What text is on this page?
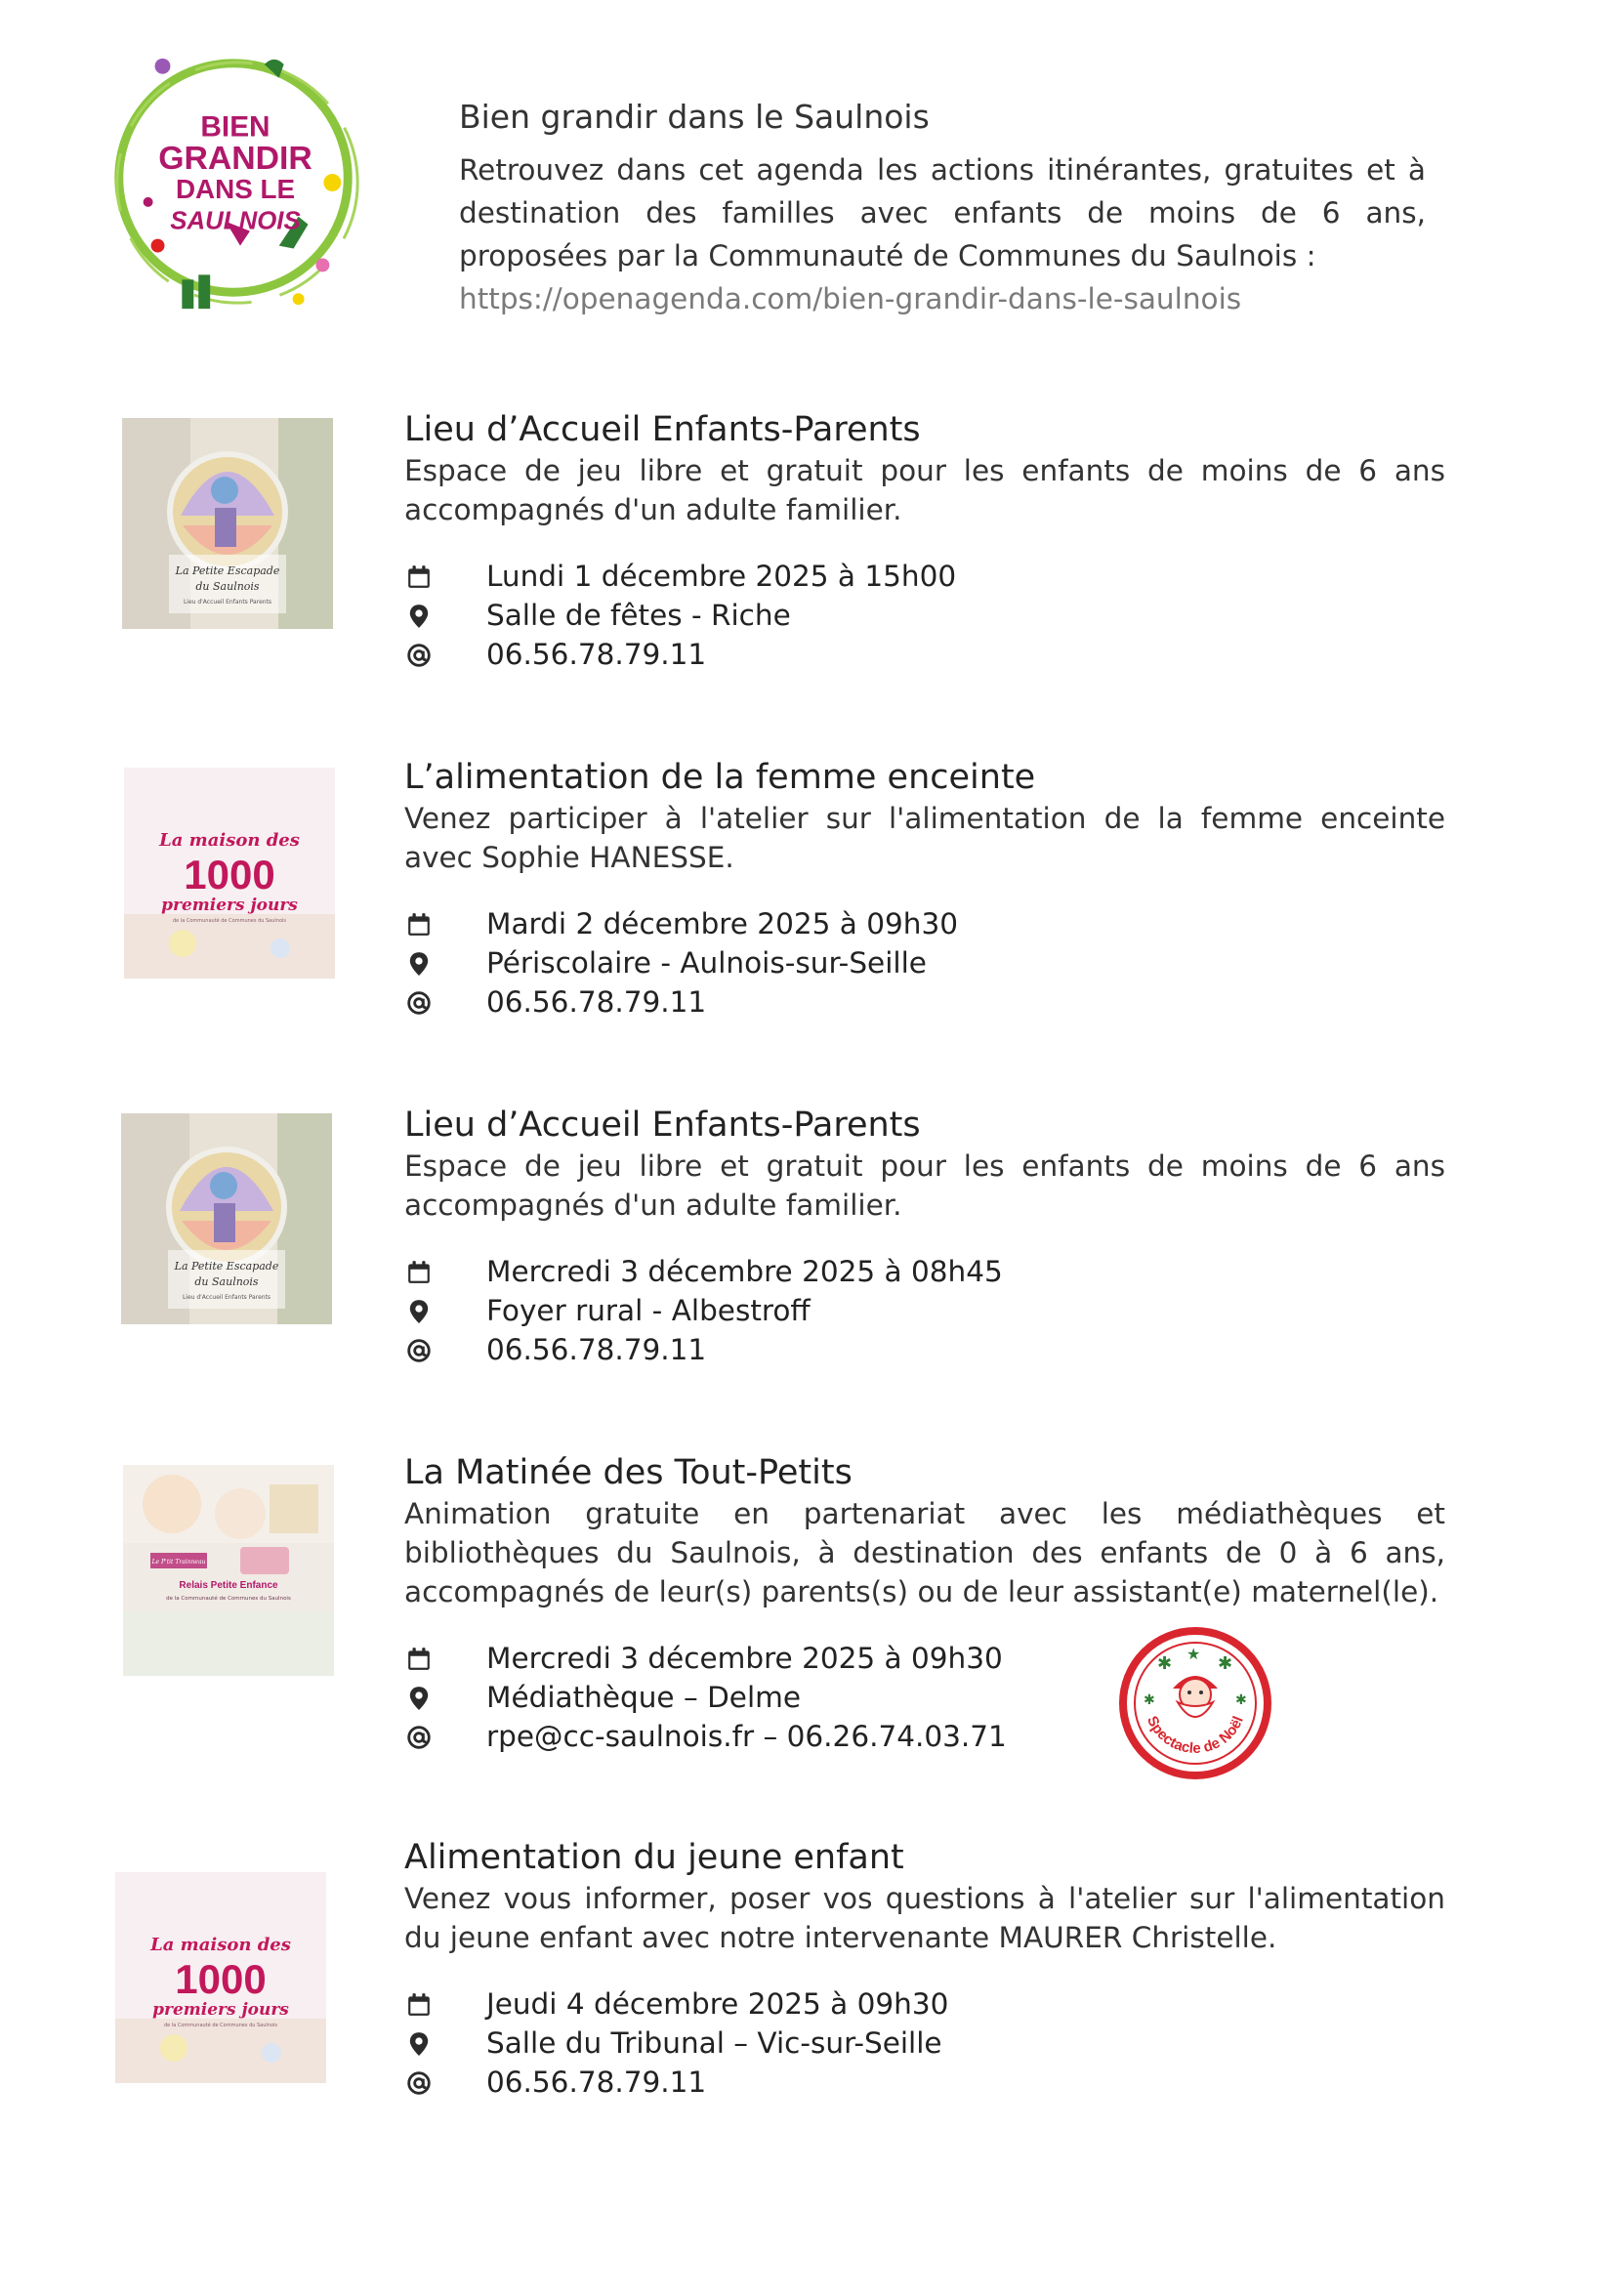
BIEN
GRANDIR
DANS LE
SAULNOIS
Bien grandir dans le Saulnois

Retrouvez dans cet agenda les actions itinérantes, gratuites et à destination des familles avec enfants de moins de 6 ans, proposées par la Communauté de Communes du Saulnois :
https://openagenda.com/bien-grandir-dans-le-saulnois

La Petite Escapade
du Saulnois
Lieu d'Accueil Enfants Parents
Lieu d’Accueil Enfants-Parents

Espace de jeu libre et gratuit pour les enfants de moins de 6 ans accompagnés d'un adulte familier.

Lundi 1 décembre 2025 à 15h00
Salle de fêtes - Riche
06.56.78.79.11
La maison des
1000
premiers jours
de la Communauté de Communes du Saulnois
L’alimentation de la femme enceinte

Venez participer à l'atelier sur l'alimentation de la femme enceinte avec Sophie HANESSE.

Mardi 2 décembre 2025 à 09h30
Périscolaire - Aulnois-sur-Seille
06.56.78.79.11
La Petite Escapade
du Saulnois
Lieu d'Accueil Enfants Parents
Lieu d’Accueil Enfants-Parents

Espace de jeu libre et gratuit pour les enfants de moins de 6 ans accompagnés d'un adulte familier.

Mercredi 3 décembre 2025 à 08h45
Foyer rural - Albestroff
06.56.78.79.11
Le P'tit Trainneau
Relais Petite Enfance
de la Communauté de Communes du Saulnois
La Matinée des Tout-Petits

Animation gratuite en partenariat avec les médiathèques et bibliothèques du Saulnois, à destination des enfants de 0 à 6 ans, accompagnés de leur(s) parents(s) ou de leur assistant(e) maternel(le).

Mercredi 3 décembre 2025 à 09h30
Médiathèque – Delme
rpe@cc-saulnois.fr – 06.26.74.03.71
La maison des
1000
premiers jours
de la Communauté de Communes du Saulnois
Alimentation du jeune enfant

Venez vous informer, poser vos questions à l'atelier sur l'alimentation du jeune enfant avec notre intervenante MAURER Christelle.

Jeudi 4 décembre 2025 à 09h30
Salle du Tribunal – Vic-sur-Seille
06.56.78.79.11
✱ ★ ✱
✱	✱
Spectacle de Noël
